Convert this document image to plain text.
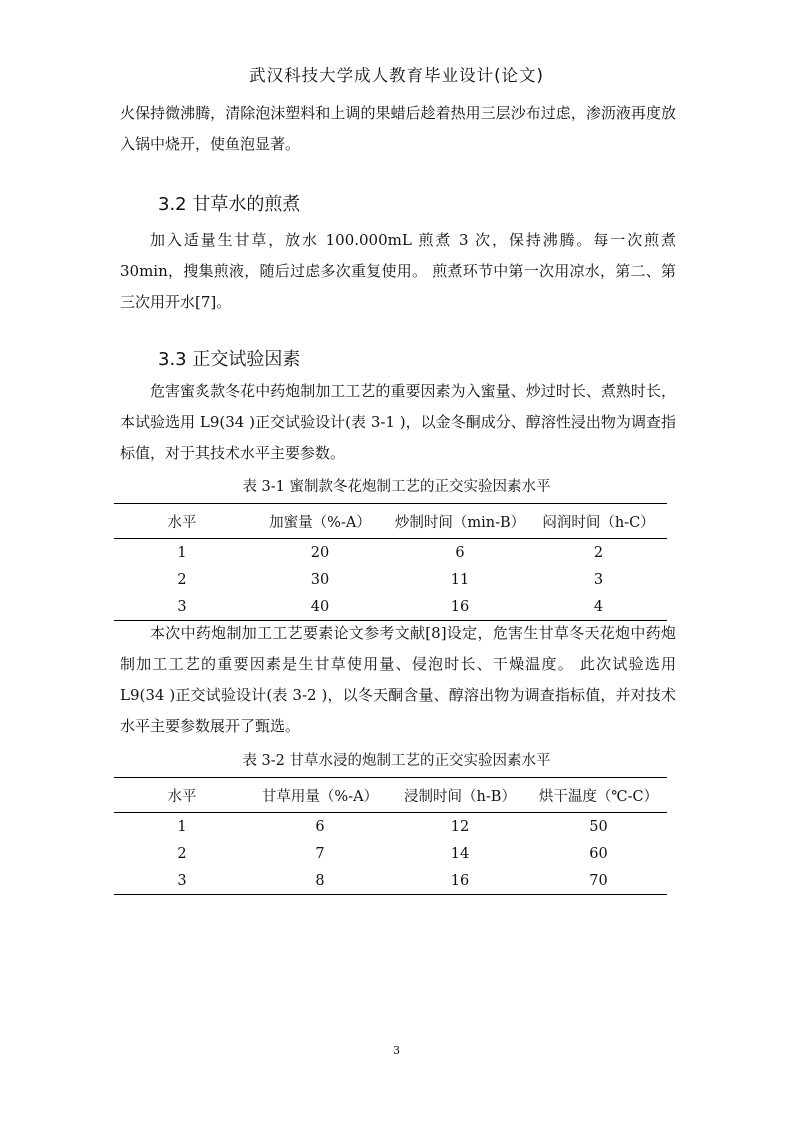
武汉科技大学成人教育毕业设计(论文)
火保持微沸腾，清除泡沫塑料和上调的果蜡后趁着热用三层沙布过虑，渗沥液再度放入锅中烧开，使鱼泡显著。
3.2 甘草水的煎煮
加入适量生甘草，放水 100.000mL 煎煮 3 次，保持沸腾。每一次煎煮 30min，搜集煎液，随后过虑多次重复使用。 煎煮环节中第一次用凉水，第二、第三次用开水[7]。
3.3 正交试验因素
危害蜜炙款冬花中药炮制加工工艺的重要因素为入蜜量、炒过时长、煮熟时长，本试验选用 L9(34 )正交试验设计(表 3-1 )，以金冬酮成分、醇溶性浸出物为调查指标值，对于其技术水平主要参数。
表 3-1 蜜制款冬花炮制工艺的正交实验因素水平
水平	加蜜量（%-A）	炒制时间（min-B）	闷润时间（h-C）
1	20	6	2
2	30	11	3
3	40	16	4
本次中药炮制加工工艺要素论文参考文献[8]设定，危害生甘草冬天花炮中药炮制加工工艺的重要因素是生甘草使用量、侵泡时长、干燥温度。 此次试验选用 L9(34 )正交试验设计(表 3-2 )，以冬天酮含量、醇溶出物为调查指标值，并对技术水平主要参数展开了甄选。
表 3-2 甘草水浸的炮制工艺的正交实验因素水平
水平	甘草用量（%-A）	浸制时间（h-B）	烘干温度（℃-C）
1	6	12	50
2	7	14	60
3	8	16	70
3
